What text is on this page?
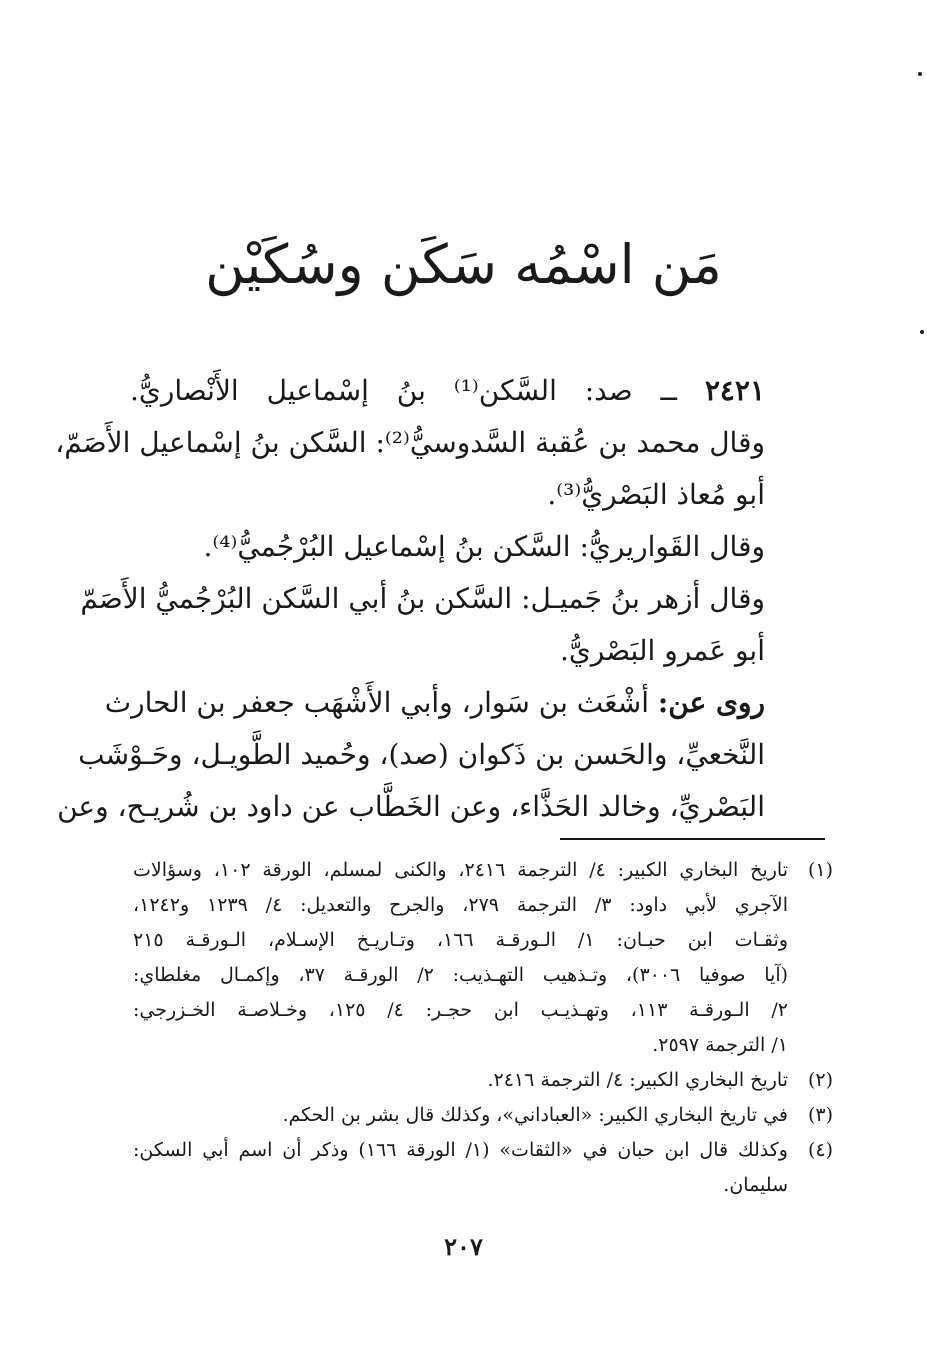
مَن اسْمُه سَكَن وسُكَيْن
٢٤٢١ ــ صد: السَّكن⁽¹⁾ بنُ إسْماعيل الأَنْصاريُّ.
وقال محمد بن عُقبة السَّدوسيُّ⁽²⁾: السَّكن بنُ إسْماعيل الأَصَمّ،
أبو مُعاذ البَصْريُّ⁽³⁾.
وقال القَواريريُّ: السَّكن بنُ إسْماعيل البُرْجُميُّ⁽⁴⁾.
وقال أزهر بنُ جَميـل: السَّكن بنُ أبي السَّكن البُرْجُميُّ الأَصَمّ
أبو عَمرو البَصْريُّ.
روى عن: أشْعَث بن سَوار، وأبي الأَشْهَب جعفر بن الحارث
النَّخعيِّ، والحَسن بن ذَكوان (صد)، وحُميد الطَّويـل، وحَـوْشَب
البَصْريِّ، وخالد الحَذَّاء، وعن الخَطَّاب عن داود بن شُريـح، وعن
(١)
تاريخ البخاري الكبير: ٤/ الترجمة ٢٤١٦، والكنى لمسلم، الورقة ١٠٢، وسؤالات
الآجري لأبي داود: ٣/ الترجمة ٢٧٩، والجرح والتعديل: ٤/ ١٢٣٩ و١٢٤٢،
وثقـات ابن حبـان: ١/ الـورقـة ١٦٦، وتـاريـخ الإسـلام، الـورقـة ٢١٥
(آيا صوفيا ٣٠٠٦)، وتـذهيب التهـذيب: ٢/ الورقـة ٣٧، وإكمـال مغلطاي:
٢/ الـورقـة ١١٣، وتهـذيـب ابن حجـر: ٤/ ١٢٥، وخـلاصـة الخـزرجي:
١/ الترجمة ٢٥٩٧.
(٢)
تاريخ البخاري الكبير: ٤/ الترجمة ٢٤١٦.
(٣)
في تاريخ البخاري الكبير: «العباداني»، وكذلك قال بشر بن الحكم.
(٤)
وكذلك قال ابن حبان في «الثقات» (١/ الورقة ١٦٦) وذكر أن اسم أبي السكن:
سليمان.
٢٠٧
